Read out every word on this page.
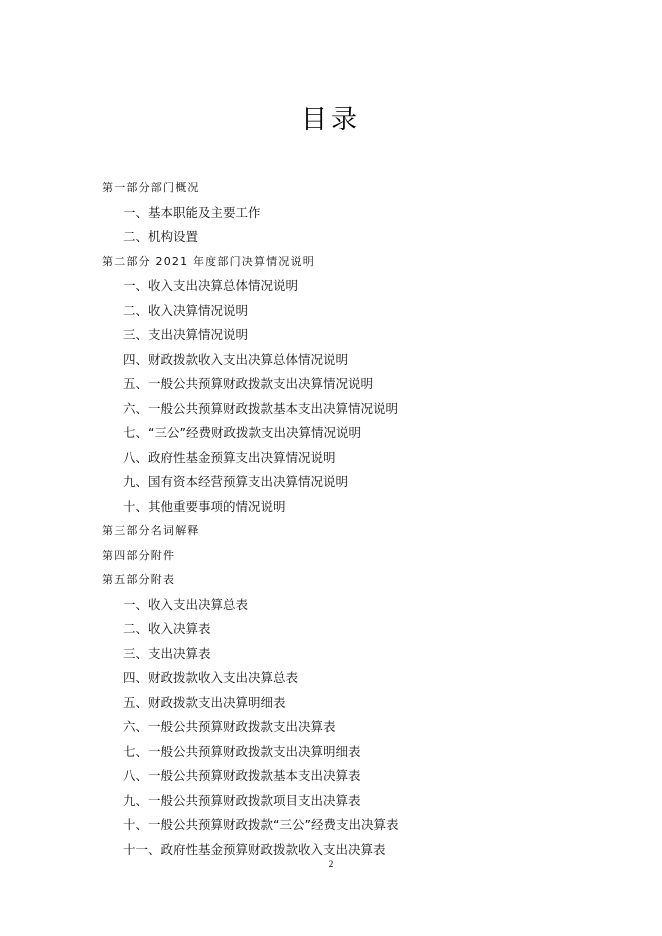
目录
第一部分部门概况
一、基本职能及主要工作
二、机构设置
第二部分 2021 年度部门决算情况说明
一、收入支出决算总体情况说明
二、收入决算情况说明
三、支出决算情况说明
四、财政拨款收入支出决算总体情况说明
五、一般公共预算财政拨款支出决算情况说明
六、一般公共预算财政拨款基本支出决算情况说明
七、“三公”经费财政拨款支出决算情况说明
八、政府性基金预算支出决算情况说明
九、国有资本经营预算支出决算情况说明
十、其他重要事项的情况说明
第三部分名词解释
第四部分附件
第五部分附表
一、收入支出决算总表
二、收入决算表
三、支出决算表
四、财政拨款收入支出决算总表
五、财政拨款支出决算明细表
六、一般公共预算财政拨款支出决算表
七、一般公共预算财政拨款支出决算明细表
八、一般公共预算财政拨款基本支出决算表
九、一般公共预算财政拨款项目支出决算表
十、一般公共预算财政拨款“三公”经费支出决算表
十一、政府性基金预算财政拨款收入支出决算表
2
